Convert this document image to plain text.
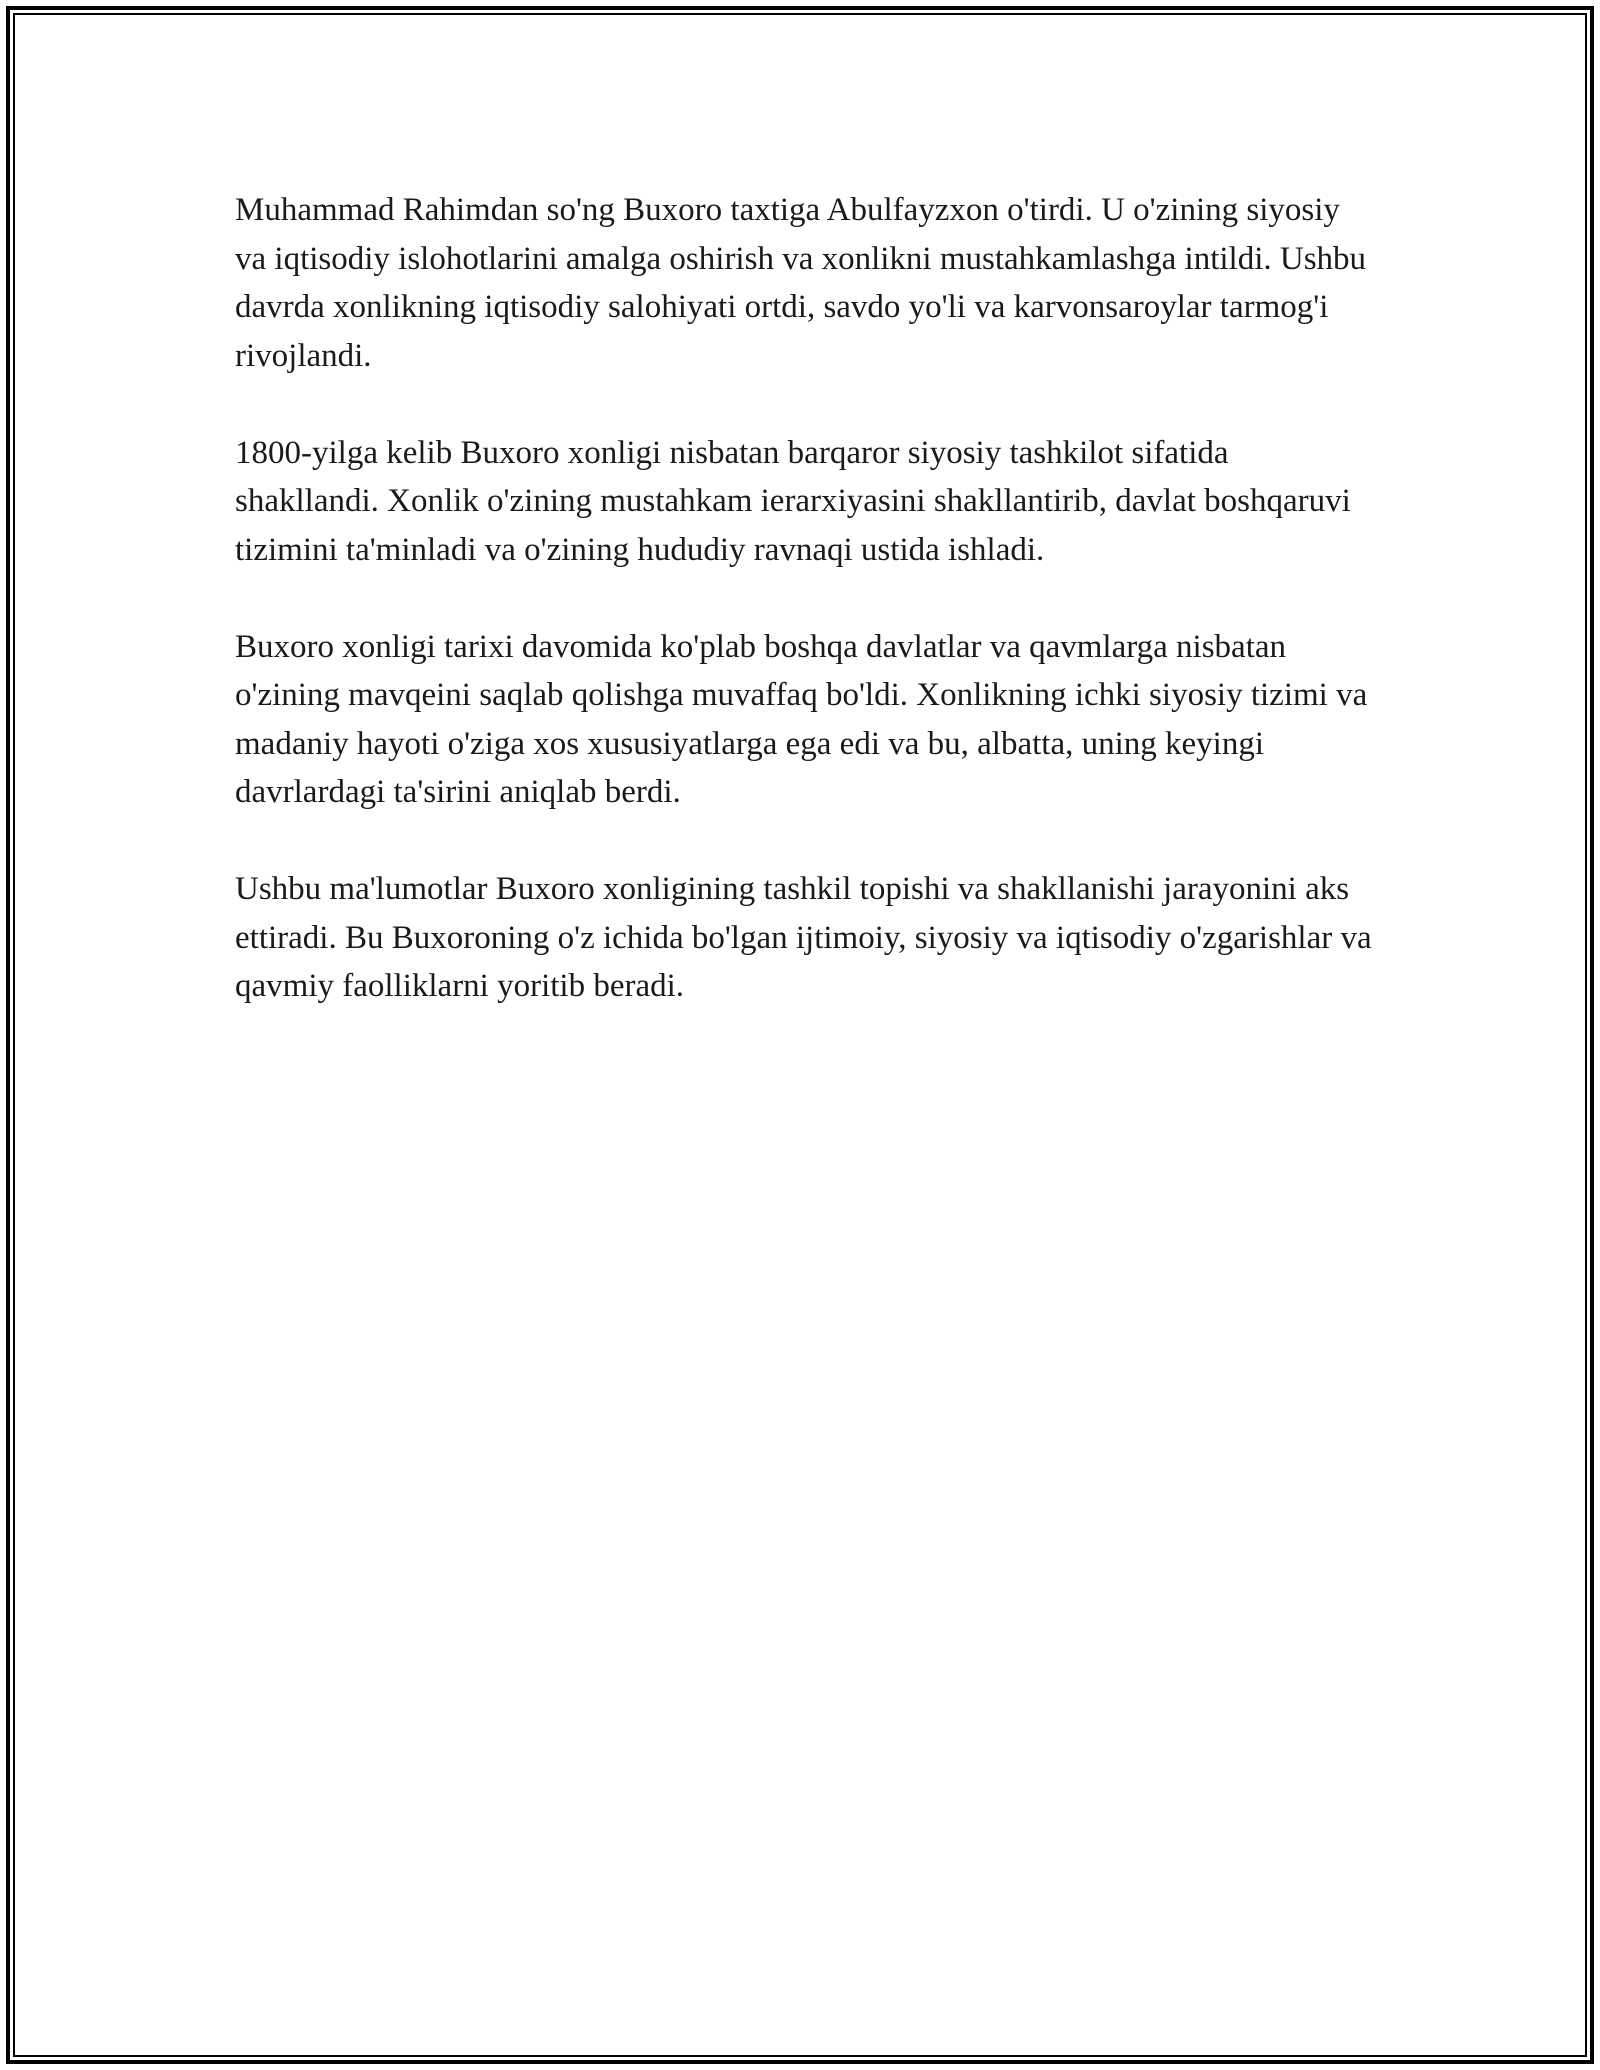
Muhammad Rahimdan so'ng Buxoro taxtiga Abulfayzxon o'tirdi. U o'zining siyosiy va iqtisodiy islohotlarini amalga oshirish va xonlikni mustahkamlashga intildi. Ushbu davrda xonlikning iqtisodiy salohiyati ortdi, savdo yo'li va karvonsaroylar tarmog'i rivojlandi.

1800-yilga kelib Buxoro xonligi nisbatan barqaror siyosiy tashkilot sifatida shakllandi. Xonlik o'zining mustahkam ierarxiyasini shakllantirib, davlat boshqaruvi tizimini ta'minladi va o'zining hududiy ravnaqi ustida ishladi.

Buxoro xonligi tarixi davomida ko'plab boshqa davlatlar va qavmlarga nisbatan o'zining mavqeini saqlab qolishga muvaffaq bo'ldi. Xonlikning ichki siyosiy tizimi va madaniy hayoti o'ziga xos xususiyatlarga ega edi va bu, albatta, uning keyingi davrlardagi ta'sirini aniqlab berdi.

Ushbu ma'lumotlar Buxoro xonligining tashkil topishi va shakllanishi jarayonini aks ettiradi. Bu Buxoroning o'z ichida bo'lgan ijtimoiy, siyosiy va iqtisodiy o'zgarishlar va qavmiy faolliklarni yoritib beradi.
